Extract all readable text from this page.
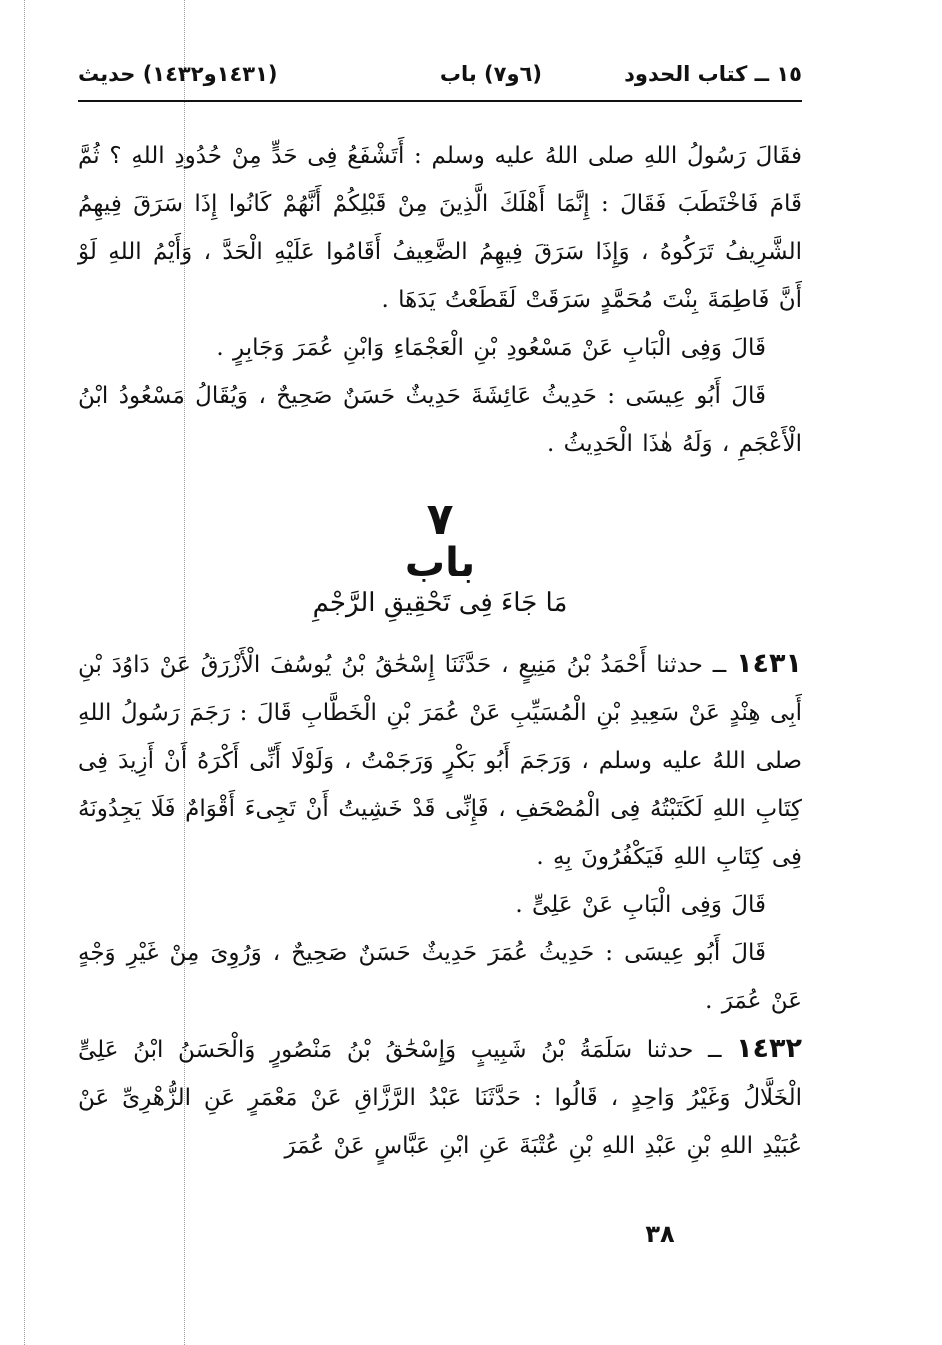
١٥ ــ كتاب الحدود
(٦و٧) باب
(١٤٣١و١٤٣٢) حديث

فقَالَ رَسُولُ اللهِ صلى اللهُ عليه وسلم : أَتَشْفَعُ فِى حَدٍّ مِنْ حُدُودِ اللهِ ؟ ثُمَّ قَامَ فَاخْتَطَبَ فَقَالَ : إِنَّمَا أَهْلَكَ الَّذِينَ مِنْ قَبْلِكُمْ أَنَّهُمْ كَانُوا إِذَا سَرَقَ فِيهِمُ الشَّرِيفُ تَرَكُوهُ ، وَإِذَا سَرَقَ فِيهِمُ الضَّعِيفُ أَقَامُوا عَلَيْهِ الْحَدَّ ، وَأَيْمُ اللهِ لَوْ أَنَّ فَاطِمَةَ بِنْتَ مُحَمَّدٍ سَرَقَتْ لَقَطَعْتُ يَدَهَا .

قَالَ وَفِى الْبَابِ عَنْ مَسْعُودِ بْنِ الْعَجْمَاءِ وَابْنِ عُمَرَ وَجَابِرٍ .

قَالَ أَبُو عِيسَى : حَدِيثُ عَائِشَةَ حَدِيثٌ حَسَنٌ صَحِيحٌ ، وَيُقَالُ مَسْعُودُ ابْنُ الْأَعْجَمِ ، وَلَهُ هٰذَا الْحَدِيثُ .

٧
باب
مَا جَاءَ فِى تَحْقِيقِ الرَّجْمِ

١٤٣١ ــ حدثنا أَحْمَدُ بْنُ مَنِيعٍ ، حَدَّثَنَا إِسْحَٰقُ بْنُ يُوسُفَ الْأَزْرَقُ عَنْ دَاوُدَ بْنِ أَبِى هِنْدٍ عَنْ سَعِيدِ بْنِ الْمُسَيِّبِ عَنْ عُمَرَ بْنِ الْخَطَّابِ قَالَ : رَجَمَ رَسُولُ اللهِ صلى اللهُ عليه وسلم ، وَرَجَمَ أَبُو بَكْرٍ وَرَجَمْتُ ، وَلَوْلَا أَنِّى أَكْرَهُ أَنْ أَزِيدَ فِى كِتَابِ اللهِ لَكَتَبْتُهُ فِى الْمُصْحَفِ ، فَإِنِّى قَدْ خَشِيتُ أَنْ تَجِىءَ أَقْوَامٌ فَلَا يَجِدُونَهُ فِى كِتَابِ اللهِ فَيَكْفُرُونَ بِهِ .

قَالَ وَفِى الْبَابِ عَنْ عَلِىٍّ .

قَالَ أَبُو عِيسَى : حَدِيثُ عُمَرَ حَدِيثٌ حَسَنٌ صَحِيحٌ ، وَرُوِىَ مِنْ غَيْرِ وَجْهٍ عَنْ عُمَرَ .

١٤٣٢ ــ حدثنا سَلَمَةُ بْنُ شَبِيبٍ وَإِسْحَٰقُ بْنُ مَنْصُورٍ وَالْحَسَنُ ابْنُ عَلِىٍّ الْخَلَّالُ وَغَيْرُ وَاحِدٍ ، قَالُوا : حَدَّثَنَا عَبْدُ الرَّزَّاقِ عَنْ مَعْمَرٍ عَنِ الزُّهْرِىِّ عَنْ عُبَيْدِ اللهِ بْنِ عَبْدِ اللهِ بْنِ عُتْبَةَ عَنِ ابْنِ عَبَّاسٍ عَنْ عُمَرَ

٣٨
